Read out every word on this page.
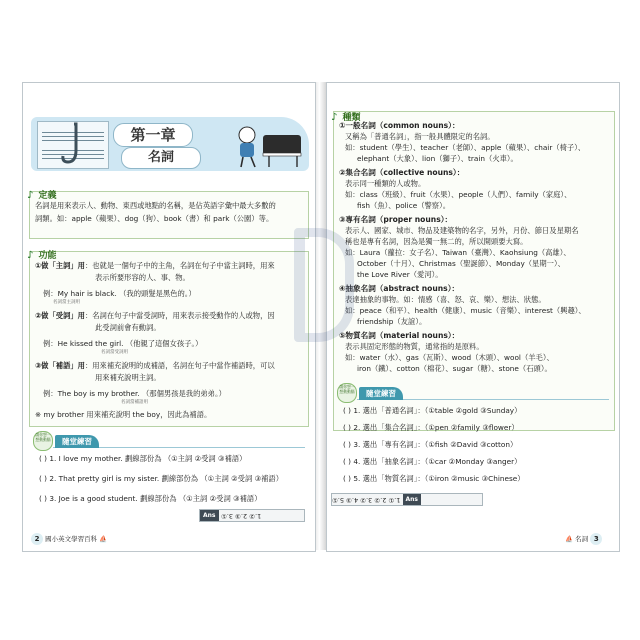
第一章
名詞
♪ 定義
名詞是用來表示人、動物、東西或地點的名稱，是佔英語字彙中最大多數的
詞類。如：apple（蘋果）、dog（狗）、book（書）和 park（公園）等。
♪ 功能
①做「主詞」用：也就是一個句子中的主角，名詞在句子中當主詞時，用來
表示所要形容的人、事、物。
例：My hair is black. （我的頭髮是黑色的。）
名詞當主詞用
②做「受詞」用：名詞在句子中當受詞時，用來表示接受動作的人或物，因
此受詞前會有動詞。
例：He kissed the girl. （他親了這個女孩子。）
名詞當受詞用
③做「補語」用：用來補充說明的成補語，名詞在句子中當作補語時，可以
用來補充說明主詞。
例：The boy is my brother. （那個男孩是我的弟弟。）
名詞當補語用
※ my brother 用來補充說明 the boy，因此為補語。
請你想一想動動腦	隨堂練習
( ) 1. I love my mother. 劃線部份為 （①主詞 ②受詞 ③補語）
( ) 2. That pretty girl is my sister. 劃線部份為 （①主詞 ②受詞 ③補語）
( ) 3. Joe is a good student. 劃線部份為 （①主詞 ②受詞 ③補語）
Ans 1.② 2.③ 3.①
2 國小英文學習百科 ⛵
♪ 種類
①一般名詞（common nouns）：
又稱為「普通名詞」，指一般具體限定的名詞。
如：student（學生）、teacher（老師）、apple（蘋果）、chair（椅子）、
elephant（大象）、lion（獅子）、train（火車）。
②集合名詞（collective nouns）：
表示同一種類的人或物。
如：class（班級）、fruit（水果）、people（人們）、family（家庭）、
fish（魚）、police（警察）。
③專有名詞（proper nouns）：
表示人、國家、城市、物品及建築物的名字，另外，月份、節日及星期名
稱也是專有名詞，因為是獨一無二的，所以開頭要大寫。
如：Laura（蘿拉：女子名）、Taiwan（臺灣）、Kaohsiung（高雄）、
October（十月）、Christmas（聖誕節）、Monday（星期一）、
the Love River（愛河）。
④抽象名詞（abstract nouns）：
表達抽象的事物。如：情感（喜、怒、哀、樂）、想法、狀態。
如：peace（和平）、health（健康）、music（音樂）、interest（興趣）、
friendship（友誼）。
⑤物質名詞（material nouns）：
表示具固定形態的物質，通常指的是原料。
如：water（水）、gas（瓦斯）、wood（木頭）、wool（羊毛）、
iron（鐵）、cotton（棉花）、sugar（糖）、stone（石頭）。
請你想一想動動腦	隨堂練習
( ) 1. 選出「普通名詞」：（①table ②gold ③Sunday）
( ) 2. 選出「集合名詞」：（①pen ②family ③flower）
( ) 3. 選出「專有名詞」：（①fish ②David ③cotton）
( ) 4. 選出「抽象名詞」：（①car ②Monday ③anger）
( ) 5. 選出「物質名詞」：（①iron ②music ③Chinese）
1.① 2.② 3.② 4.③ 5.① Ans
⛵ 名詞 3
